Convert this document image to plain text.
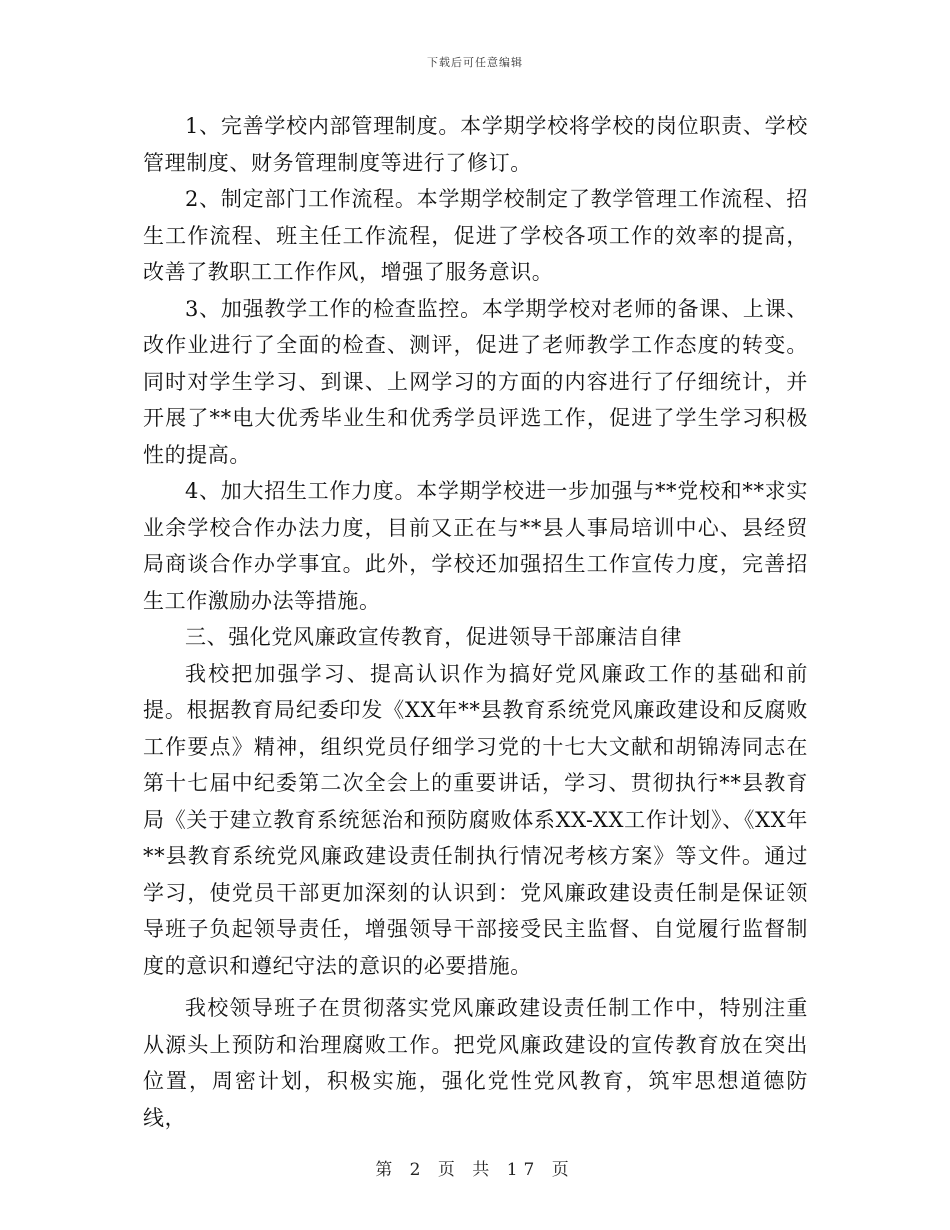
下载后可任意编辑

1、完善学校内部管理制度。本学期学校将学校的岗位职责、学校管理制度、财务管理制度等进行了修订。

2、制定部门工作流程。本学期学校制定了教学管理工作流程、招生工作流程、班主任工作流程，促进了学校各项工作的效率的提高，改善了教职工工作作风，增强了服务意识。

3、加强教学工作的检查监控。本学期学校对老师的备课、上课、改作业进行了全面的检查、测评，促进了老师教学工作态度的转变。同时对学生学习、到课、上网学习的方面的内容进行了仔细统计，并开展了**电大优秀毕业生和优秀学员评选工作，促进了学生学习积极性的提高。

4、加大招生工作力度。本学期学校进一步加强与**党校和**求实业余学校合作办法力度，目前又正在与**县人事局培训中心、县经贸局商谈合作办学事宜。此外，学校还加强招生工作宣传力度，完善招生工作激励办法等措施。

三、强化党风廉政宣传教育，促进领导干部廉洁自律

我校把加强学习、提高认识作为搞好党风廉政工作的基础和前提。根据教育局纪委印发《XX年**县教育系统党风廉政建设和反腐败工作要点》精神，组织党员仔细学习党的十七大文献和胡锦涛同志在第十七届中纪委第二次全会上的重要讲话，学习、贯彻执行**县教育局《关于建立教育系统惩治和预防腐败体系XX-XX工作计划》、《XX年**县教育系统党风廉政建设责任制执行情况考核方案》等文件。通过学习，使党员干部更加深刻的认识到：党风廉政建设责任制是保证领导班子负起领导责任，增强领导干部接受民主监督、自觉履行监督制度的意识和遵纪守法的意识的必要措施。

我校领导班子在贯彻落实党风廉政建设责任制工作中，特别注重从源头上预防和治理腐败工作。把党风廉政建设的宣传教育放在突出位置，周密计划，积极实施，强化党性党风教育，筑牢思想道德防线，

第 2 页 共 17 页
